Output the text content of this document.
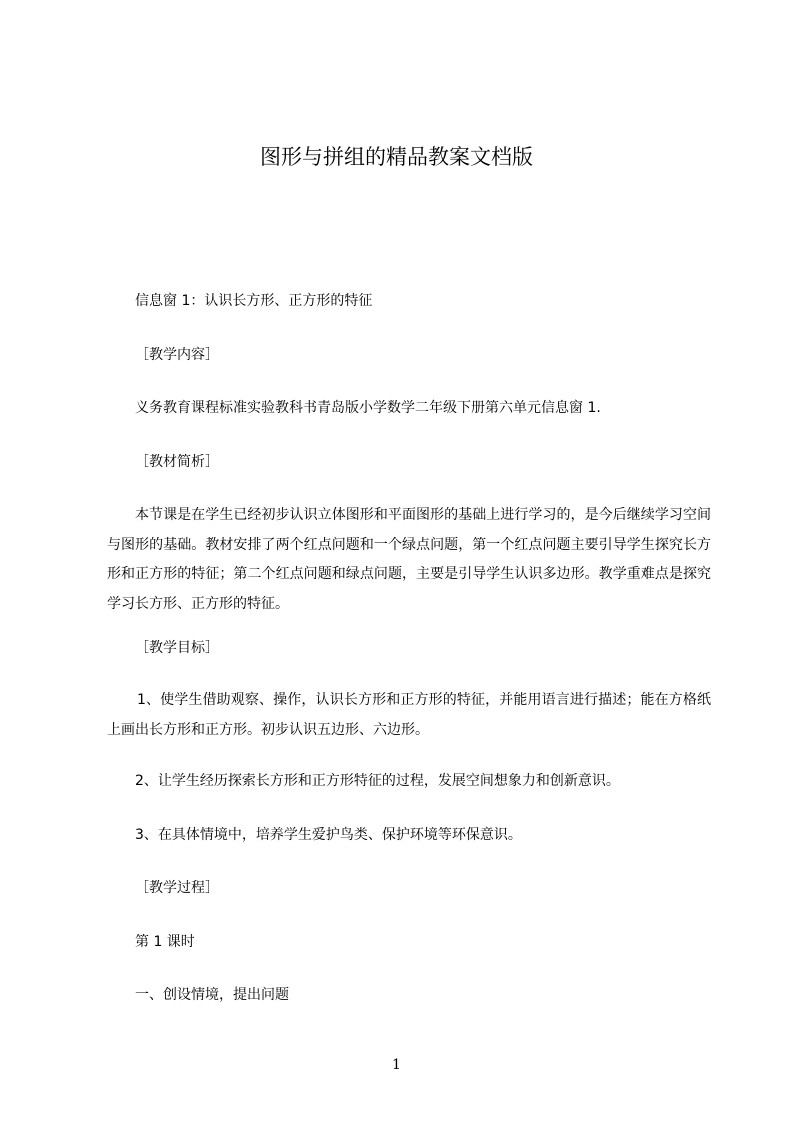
图形与拼组的精品教案文档版
信息窗 1：认识长方形、正方形的特征
［教学内容］
义务教育课程标准实验教科书青岛版小学数学二年级下册第六单元信息窗 1.
［教材简析］
本节课是在学生已经初步认识立体图形和平面图形的基础上进行学习的，是今后继续学习空间与图形的基础。教材安排了两个红点问题和一个绿点问题，第一个红点问题主要引导学生探究长方形和正方形的特征；第二个红点问题和绿点问题，主要是引导学生认识多边形。教学重难点是探究学习长方形、正方形的特征。
［教学目标］
1、使学生借助观察、操作，认识长方形和正方形的特征，并能用语言进行描述；能在方格纸上画出长方形和正方形。初步认识五边形、六边形。
2、让学生经历探索长方形和正方形特征的过程，发展空间想象力和创新意识。
3、在具体情境中，培养学生爱护鸟类、保护环境等环保意识。
［教学过程］
第 1 课时
一、创设情境，提出问题
1
